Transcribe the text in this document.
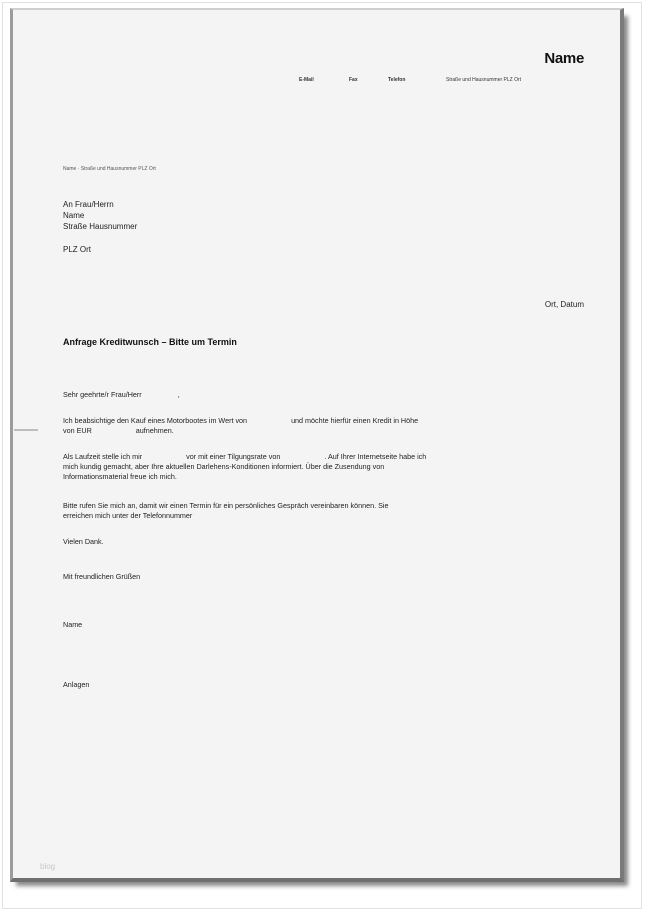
Name
E-Mail	Fax	Telefon	Straße und Hausnummer PLZ Ort
Name · Straße und Hausnummer PLZ Ort
An Frau/Herrn
Name
Straße Hausnummer
PLZ Ort
Ort, Datum
Anfrage Kreditwunsch – Bitte um Termin
Sehr geehrte/r Frau/Herr	,
Ich beabsichtige den Kauf eines Motorbootes im Wert von	und möchte hierfür einen Kredit in Höhe
von EUR	aufnehmen.
Als Laufzeit stelle ich mir	vor mit einer Tilgungsrate von	. Auf Ihrer Internetseite habe ich
mich kundig gemacht, aber Ihre aktuellen Darlehens-Konditionen informiert. Über die Zusendung von
Informationsmaterial freue ich mich.
Bitte rufen Sie mich an, damit wir einen Termin für ein persönliches Gespräch vereinbaren können. Sie
erreichen mich unter der Telefonnummer
Vielen Dank.
Mit freundlichen Grüßen
Name
Anlagen
blog
